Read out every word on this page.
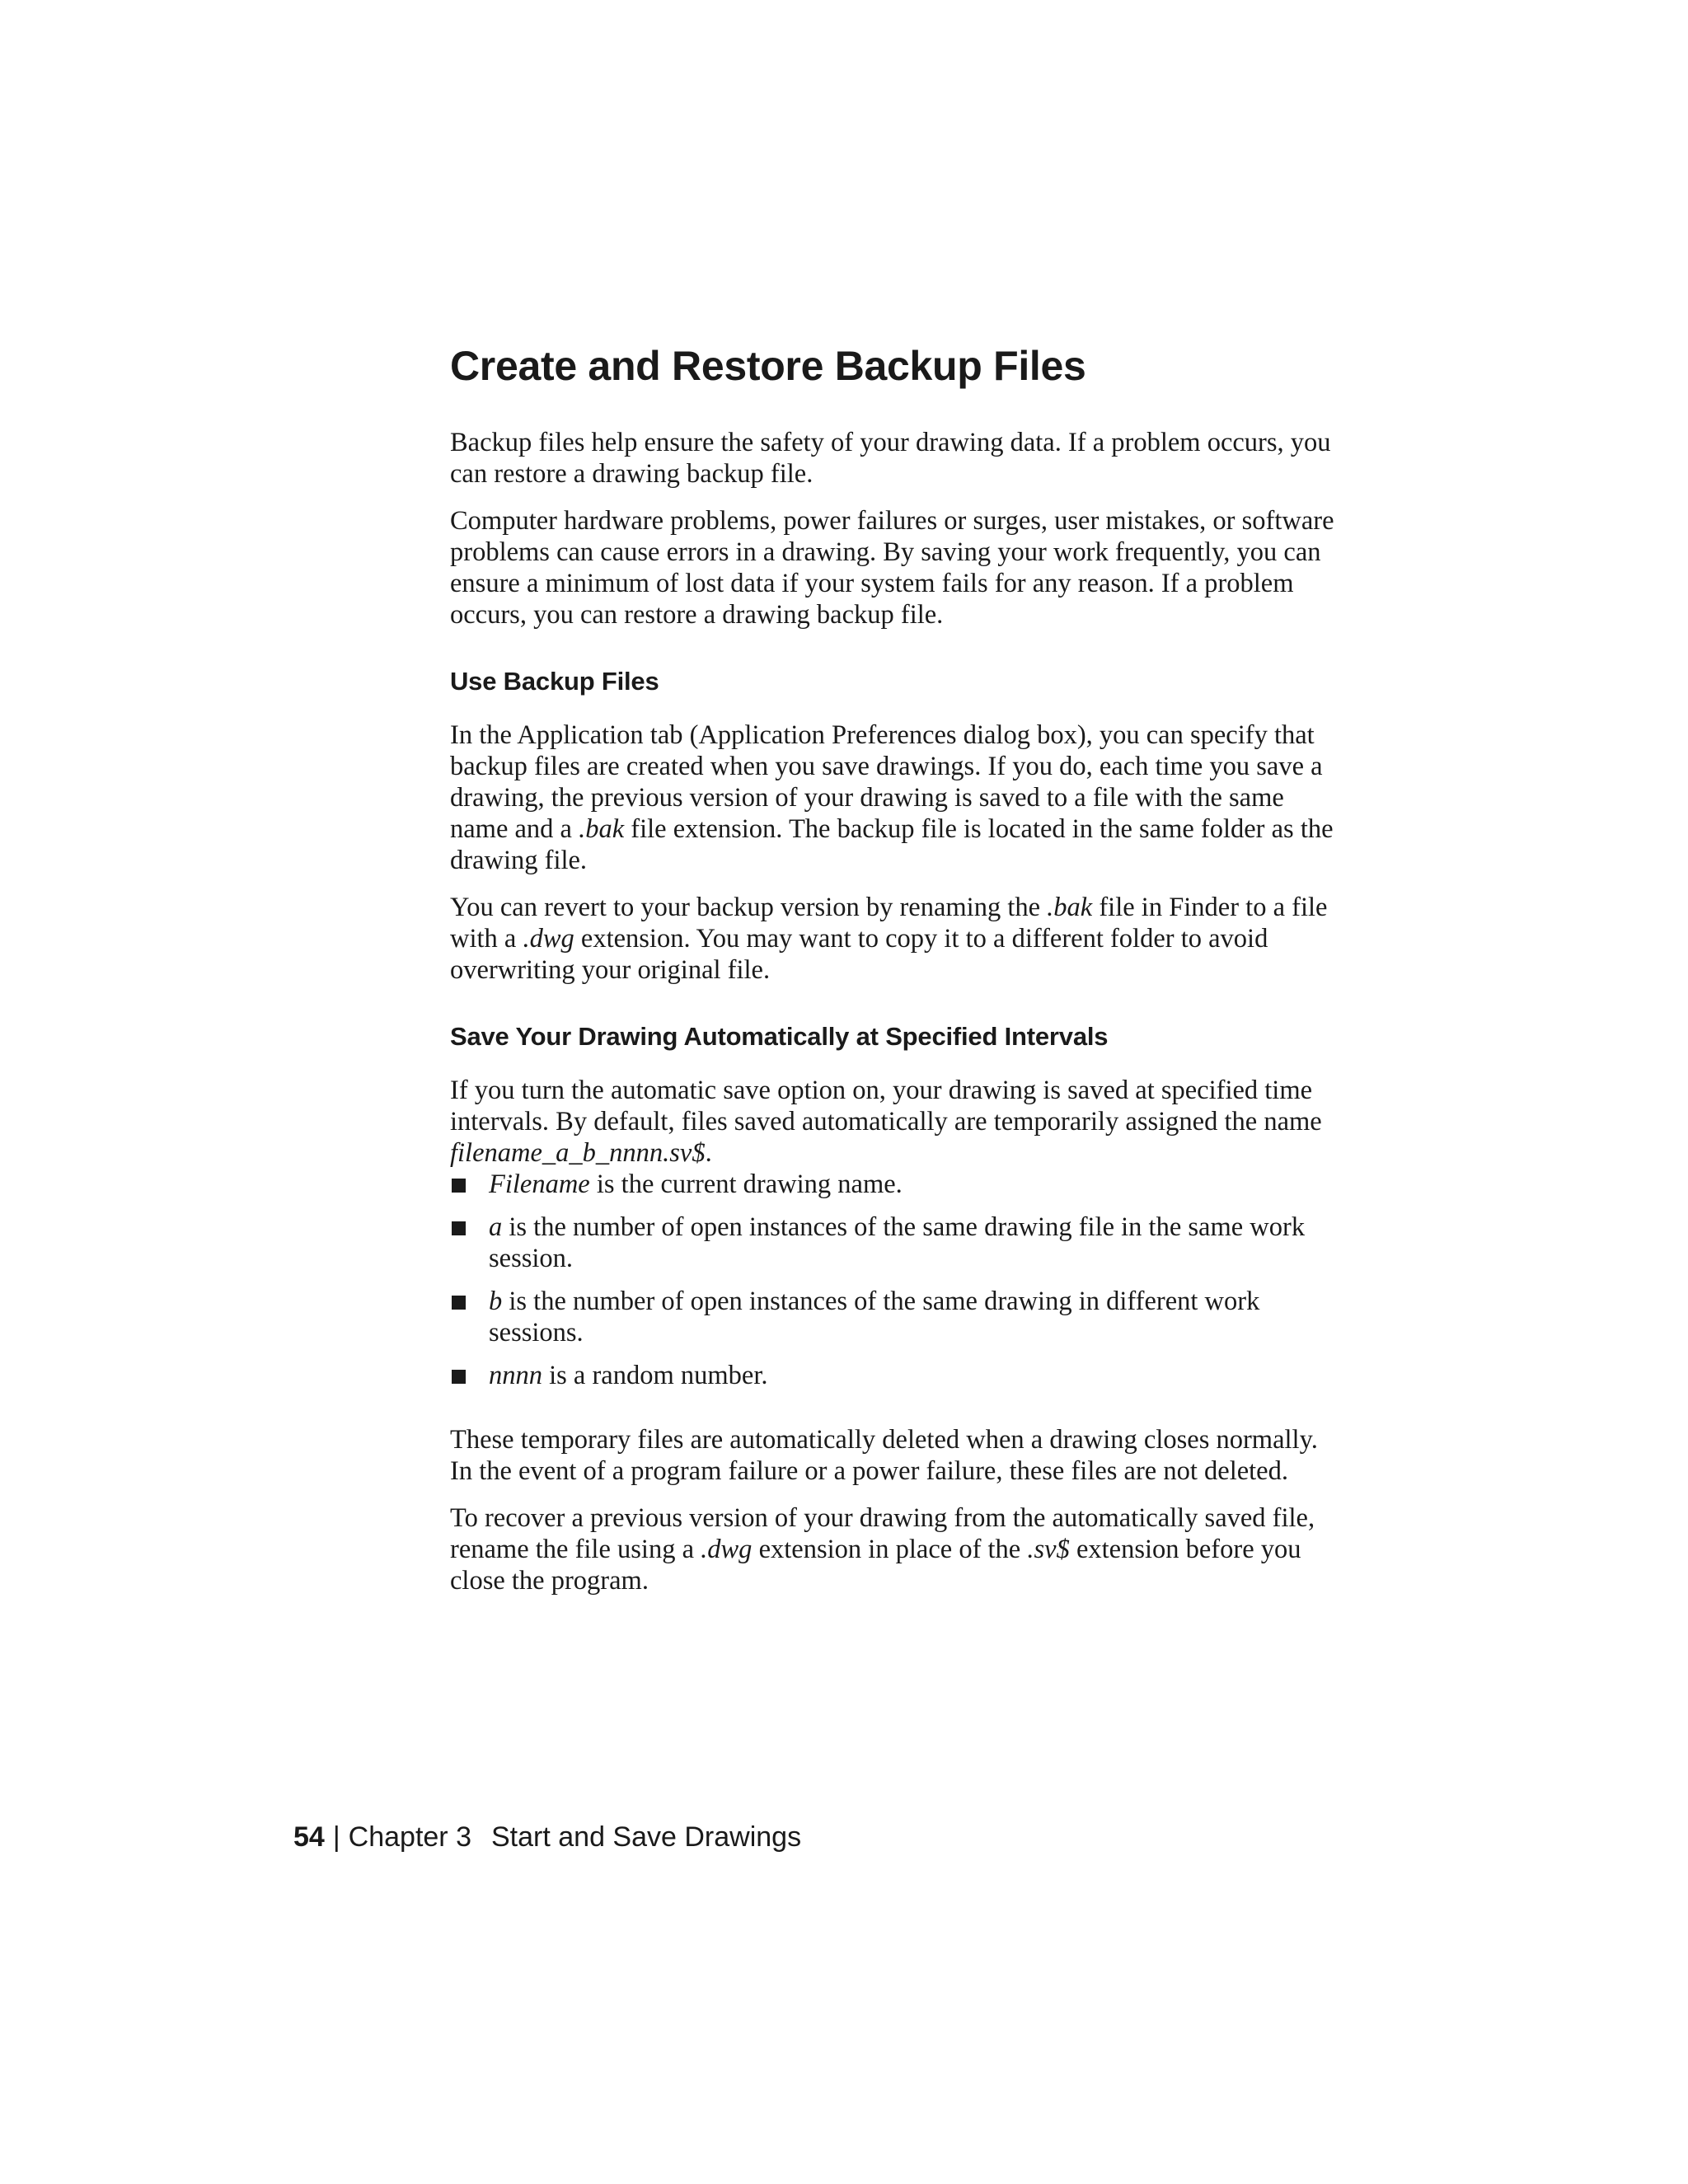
Create and Restore Backup Files

Backup files help ensure the safety of your drawing data. If a problem occurs, you can restore a drawing backup file.

Computer hardware problems, power failures or surges, user mistakes, or software problems can cause errors in a drawing. By saving your work frequently, you can ensure a minimum of lost data if your system fails for any reason. If a problem occurs, you can restore a drawing backup file.

Use Backup Files

In the Application tab (Application Preferences dialog box), you can specify that backup files are created when you save drawings. If you do, each time you save a drawing, the previous version of your drawing is saved to a file with the same name and a .bak file extension. The backup file is located in the same folder as the drawing file.

You can revert to your backup version by renaming the .bak file in Finder to a file with a .dwg extension. You may want to copy it to a different folder to avoid overwriting your original file.

Save Your Drawing Automatically at Specified Intervals

If you turn the automatic save option on, your drawing is saved at specified time intervals. By default, files saved automatically are temporarily assigned the name filename_a_b_nnnn.sv$.

Filename is the current drawing name.
a is the number of open instances of the same drawing file in the same work session.
b is the number of open instances of the same drawing in different work sessions.
nnnn is a random number.

These temporary files are automatically deleted when a drawing closes normally. In the event of a program failure or a power failure, these files are not deleted.

To recover a previous version of your drawing from the automatically saved file, rename the file using a .dwg extension in place of the .sv$ extension before you close the program.

54 | Chapter 3 Start and Save Drawings
